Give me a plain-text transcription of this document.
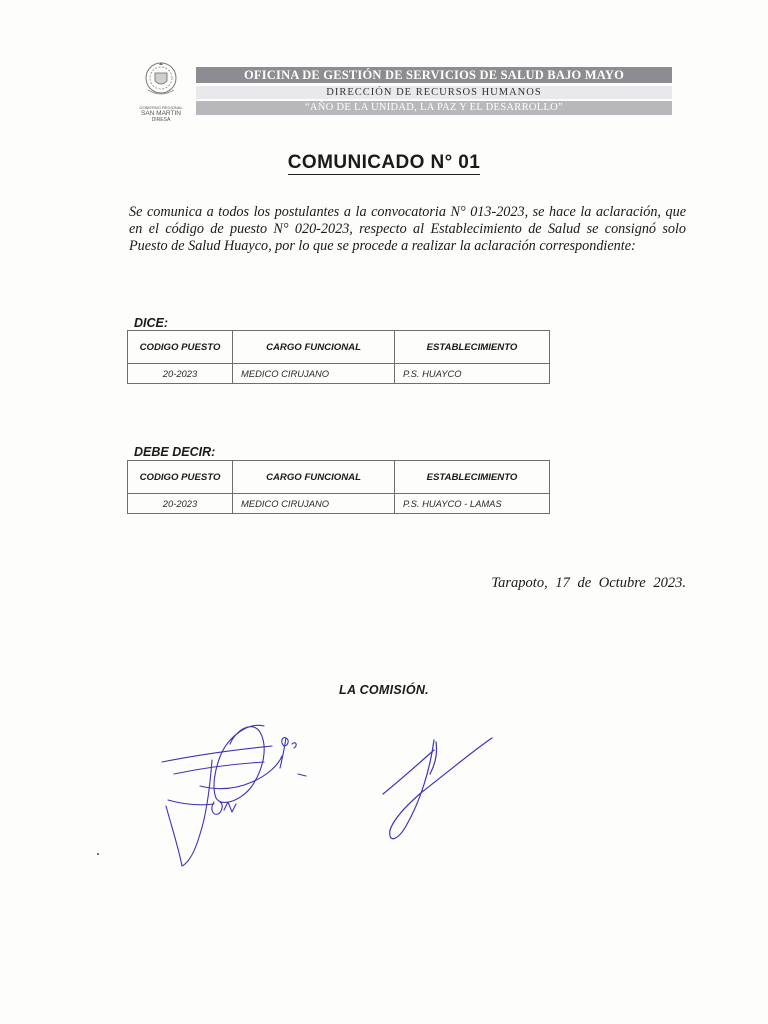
GOBIERNO REGIONAL
SAN MARTIN
DIRESA
OFICINA DE GESTIÓN DE SERVICIOS DE SALUD BAJO MAYO
DIRECCIÓN DE RECURSOS HUMANOS
“AÑO DE LA UNIDAD, LA PAZ Y EL DESARROLLO”
COMUNICADO N° 01
Se comunica a todos los postulantes a la convocatoria N° 013-2023, se hace la aclaración, que en el código de puesto N° 020-2023, respecto al Establecimiento de Salud se consignó solo Puesto de Salud Huayco, por lo que se procede a realizar la aclaración correspondiente:
DICE:
CODIGO PUESTO	CARGO FUNCIONAL	ESTABLECIMIENTO
20-2023	MEDICO CIRUJANO	P.S. HUAYCO
DEBE DECIR:
CODIGO PUESTO	CARGO FUNCIONAL	ESTABLECIMIENTO
20-2023	MEDICO CIRUJANO	P.S. HUAYCO - LAMAS
Tarapoto, 17 de Octubre 2023.
LA COMISIÓN.
